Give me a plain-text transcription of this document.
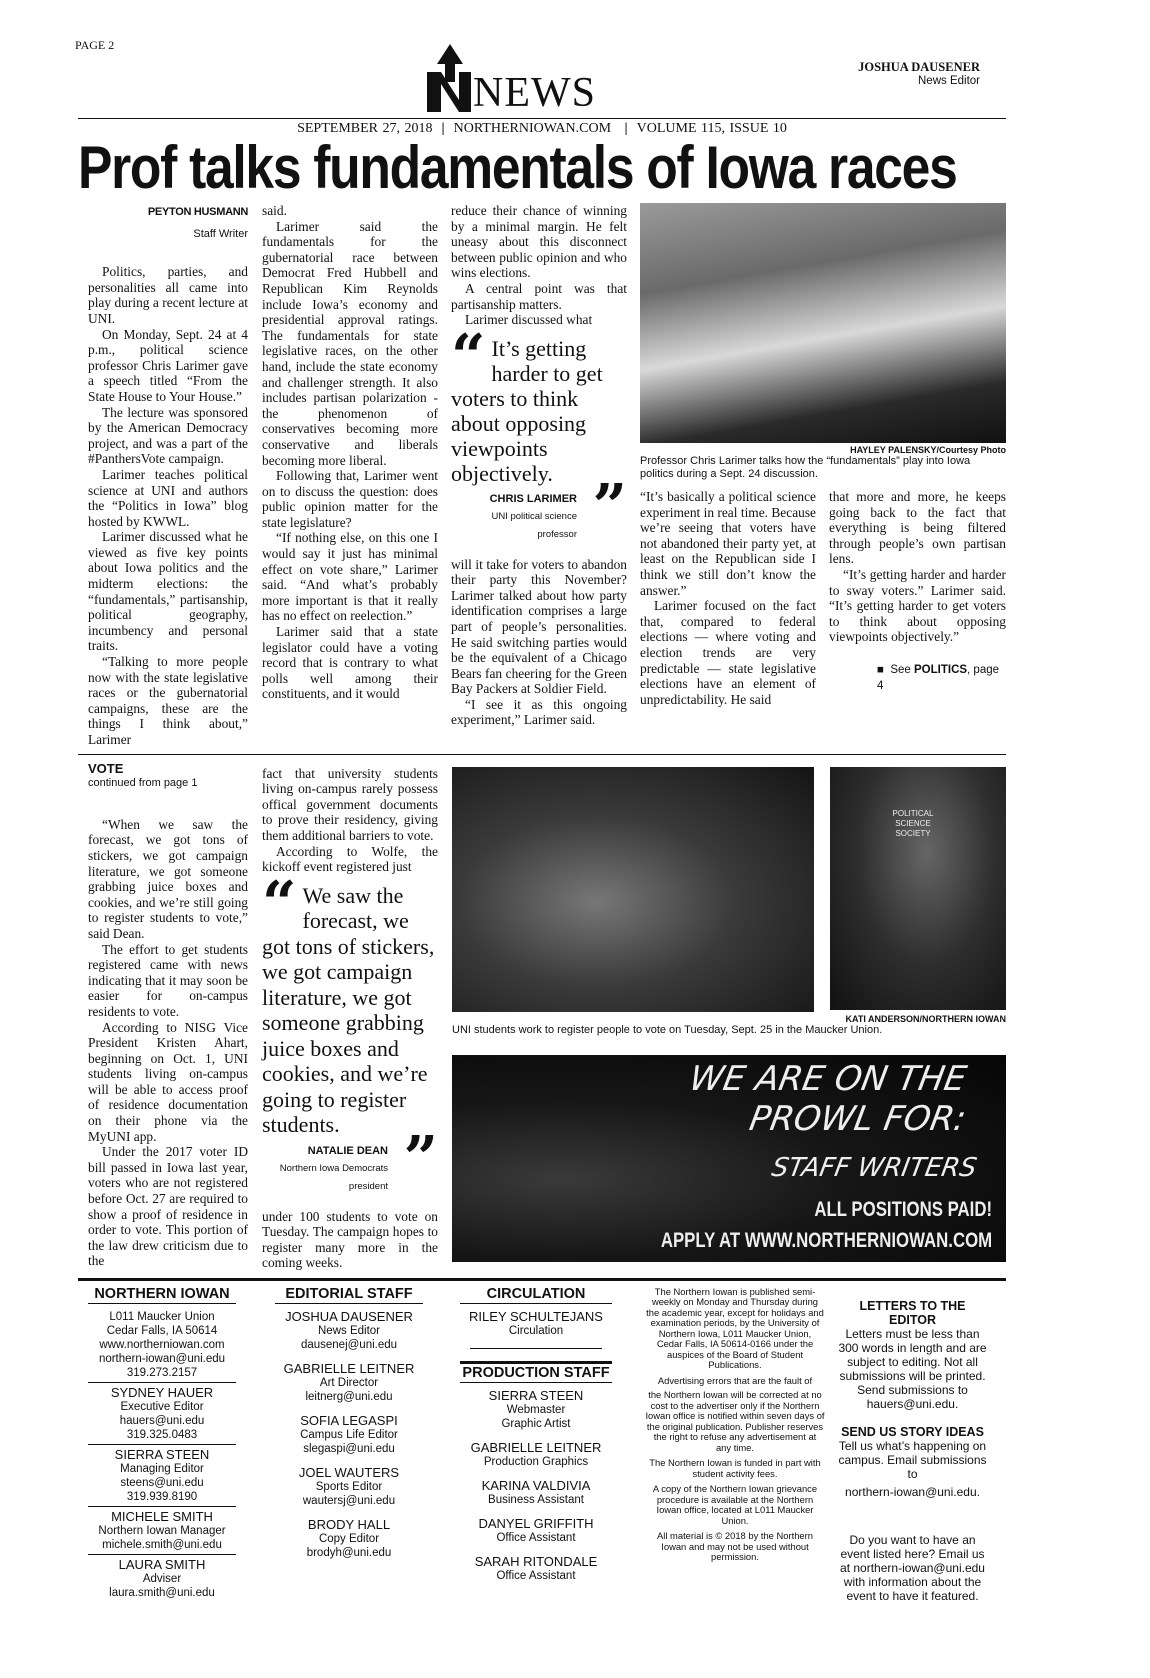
PAGE 2
NEWS
JOSHUA DAUSENER
News Editor
SEPTEMBER 27, 2018 | NORTHERNIOWAN.COM | VOLUME 115, ISSUE 10
Prof talks fundamentals of Iowa races
PEYTON HUSMANN
Staff Writer

Politics, parties, and personalities all came into play during a recent lecture at UNI.

On Monday, Sept. 24 at 4 p.m., political science professor Chris Larimer gave a speech titled “From the State House to Your House.”

The lecture was sponsored by the American Democracy project, and was a part of the #PanthersVote campaign.

Larimer teaches political science at UNI and authors the “Politics in Iowa” blog hosted by KWWL.

Larimer discussed what he viewed as five key points about Iowa politics and the midterm elections: the “fundamentals,” partisanship, political geography, incumbency and personal traits.

“Talking to more people now with the state legislative races or the gubernatorial campaigns, these are the things I think about,” Larimer

said.

Larimer said the fundamentals for the gubernatorial race between Democrat Fred Hubbell and Republican Kim Reynolds include Iowa’s economy and presidential approval ratings. The fundamentals for state legislative races, on the other hand, include the state economy and challenger strength. It also includes partisan polarization - the phenomenon of conservatives becoming more conservative and liberals becoming more liberal.

Following that, Larimer went on to discuss the question: does public opinion matter for the state legislature?

“If nothing else, on this one I would say it just has minimal effect on vote share,” Larimer said. “And what’s probably more important is that it really has no effect on reelection.”

Larimer said that a state legislator could have a voting record that is contrary to what polls well among their constituents, and it would

reduce their chance of winning by a minimal margin. He felt uneasy about this disconnect between public opinion and who wins elections.

A central point was that partisanship matters.

Larimer discussed what

“ It’s getting harder to get voters to think about opposing viewpoints objectively.
CHRIS LARIMER
UNI political science professor ”

will it take for voters to abandon their party this November? Larimer talked about how party identification comprises a large part of people’s personalities. He said switching parties would be the equivalent of a Chicago Bears fan cheering for the Green Bay Packers at Soldier Field.

“I see it as this ongoing experiment,” Larimer said.

HAYLEY PALENSKY/Courtesy Photo
Professor Chris Larimer talks how the “fundamentals” play into Iowa politics during a Sept. 24 discussion.

“It’s basically a political science experiment in real time. Because we’re seeing that voters have not abandoned their party yet, at least on the Republican side I think we still don’t know the answer.”

Larimer focused on the fact that, compared to federal elections — where voting and election trends are very predictable — state legislative elections have an element of unpredictability. He said

that more and more, he keeps going back to the fact that everything is being filtered through people’s own partisan lens.

“It’s getting harder and harder to sway voters.” Larimer said. “It’s getting harder to get voters to think about opposing viewpoints objectively.”

■ See POLITICS, page 4
VOTE
continued from page 1

“When we saw the forecast, we got tons of stickers, we got campaign literature, we got someone grabbing juice boxes and cookies, and we’re still going to register students to vote,” said Dean.

The effort to get students registered came with news indicating that it may soon be easier for on-campus residents to vote.

According to NISG Vice President Kristen Ahart, beginning on Oct. 1, UNI students living on-campus will be able to access proof of residence documentation on their phone via the MyUNI app.

Under the 2017 voter ID bill passed in Iowa last year, voters who are not registered before Oct. 27 are required to show a proof of residence in order to vote. This portion of the law drew criticism due to the

fact that university students living on-campus rarely possess offical government documents to prove their residency, giving them additional barriers to vote.

According to Wolfe, the kickoff event registered just

“ We saw the forecast, we got tons of stickers, we got campaign literature, we got someone grabbing juice boxes and cookies, and we’re going to register students.
NATALIE DEAN
Northern Iowa Democrats president ”

under 100 students to vote on Tuesday. The campaign hopes to register many more in the coming weeks.

POLITICAL SCIENCE SOCIETY
KATI ANDERSON/NORTHERN IOWAN
UNI students work to register people to vote on Tuesday, Sept. 25 in the Maucker Union.
WE ARE ON THE
PROWL FOR:
STAFF WRITERS
ALL POSITIONS PAID!
APPLY AT WWW.NORTHERNIOWAN.COM
NORTHERN IOWAN
L011 Maucker Union
Cedar Falls, IA 50614
www.northerniowan.com
northern-iowan@uni.edu
319.273.2157
SYDNEY HAUER
Executive Editor
hauers@uni.edu
319.325.0483
SIERRA STEEN
Managing Editor
steens@uni.edu
319.939.8190
MICHELE SMITH
Northern Iowan Manager
michele.smith@uni.edu
LAURA SMITH
Adviser
laura.smith@uni.edu
EDITORIAL STAFF
JOSHUA DAUSENER
News Editor
dausenej@uni.edu
GABRIELLE LEITNER
Art Director
leitnerg@uni.edu
SOFIA LEGASPI
Campus Life Editor
slegaspi@uni.edu
JOEL WAUTERS
Sports Editor
wautersj@uni.edu
BRODY HALL
Copy Editor
brodyh@uni.edu
CIRCULATION
RILEY SCHULTEJANS
Circulation
PRODUCTION STAFF
SIERRA STEEN
Webmaster
Graphic Artist
GABRIELLE LEITNER
Production Graphics
KARINA VALDIVIA
Business Assistant
DANYEL GRIFFITH
Office Assistant
SARAH RITONDALE
Office Assistant
The Northern Iowan is published semi-weekly on Monday and Thursday during the academic year, except for holidays and examination periods, by the University of Northern Iowa, L011 Maucker Union, Cedar Falls, IA 50614-0166 under the auspices of the Board of Student Publications.
Advertising errors that are the fault of
the Northern Iowan will be corrected at no cost to the advertiser only if the Northern Iowan office is notified within seven days of the original publication. Publisher reserves the right to refuse any advertisement at any time.
The Northern Iowan is funded in part with student activity fees.
A copy of the Northern Iowan grievance procedure is available at the Northern Iowan office, located at L011 Maucker Union.
All material is © 2018 by the Northern Iowan and may not be used without permission.
LETTERS TO THE EDITOR
Letters must be less than 300 words in length and are subject to editing. Not all submissions will be printed. Send submissions to hauers@uni.edu.
SEND US STORY IDEAS
Tell us what’s happening on campus. Email submissions to
northern-iowan@uni.edu.
Do you want to have an event listed here? Email us at northern-iowan@uni.edu with information about the event to have it featured.
